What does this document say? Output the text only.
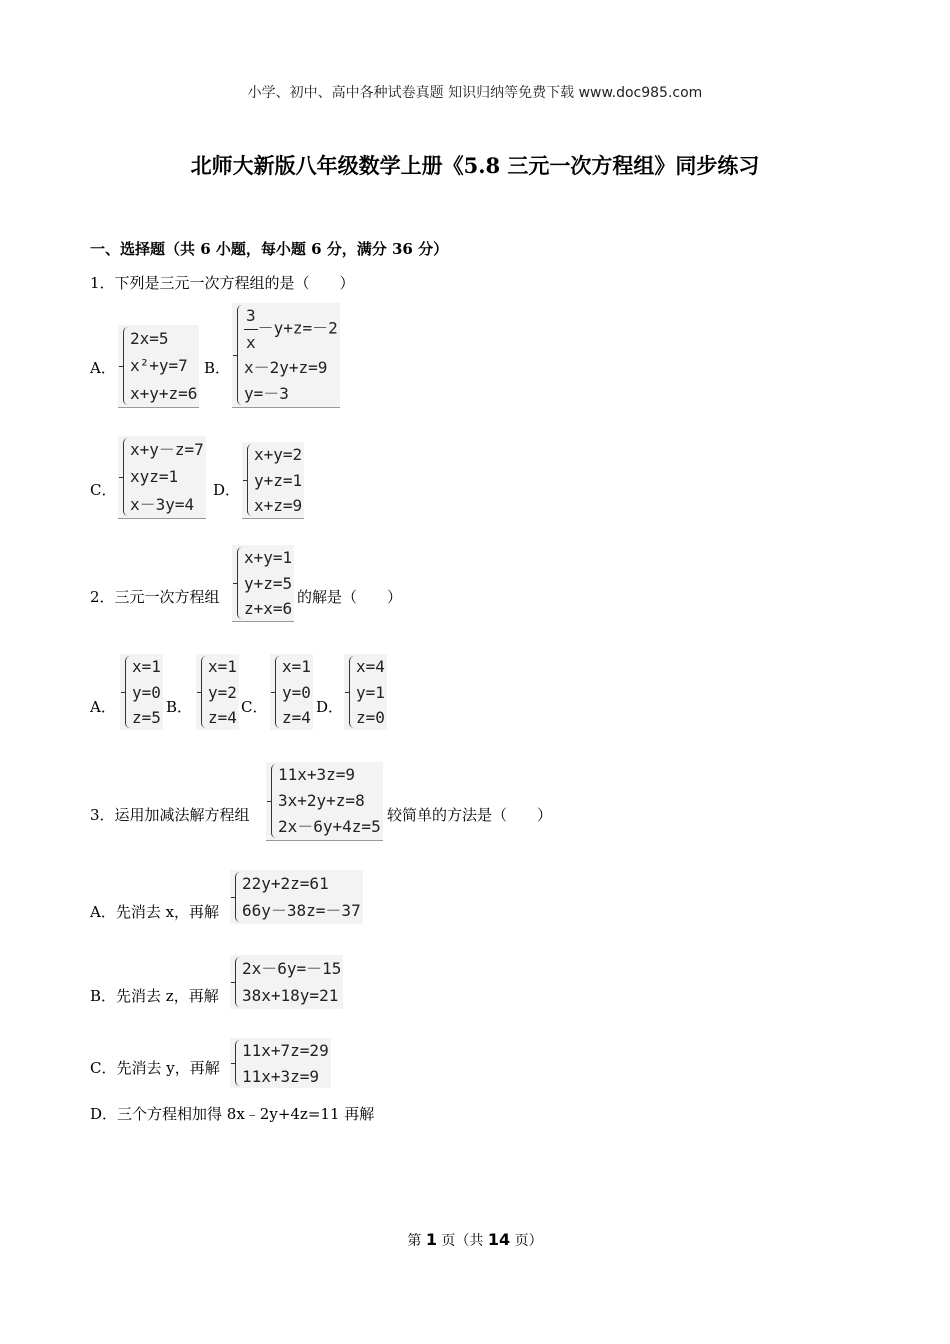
小学、初中、高中各种试卷真题 知识归纳等免费下载 www.doc985.com
北师大新版八年级数学上册《5.8 三元一次方程组》同步练习
一、选择题（共 6 小题，每小题 6 分，满分 36 分）
1．下列是三元一次方程组的是（　　）
A．
2x=5
x²+y=7
x+y+z=6
B．
$\frac{3}{x} -y+z=-2$
x－2y+z=9
y=－3
C．
x+y－z=7
xyz=1
x－3y=4
D．
x+y=2
y+z=1
x+z=9
2．三元一次方程组
x+y=1
y+z=5
z+x=6
的解是（　　）
A．
x=1
y=0
z=5
B．
x=1
y=2
z=4
C．
x=1
y=0
z=4
D．
x=4
y=1
z=0
3．运用加减法解方程组
11x+3z=9
3x+2y+z=8
2x－6y+4z=5
较简单的方法是（　　）
A．先消去 x，再解
22y+2z=61
66y－38z=－37
B．先消去 z，再解
2x－6y=－15
38x+18y=21
C．先消去 y，再解
11x+7z=29
11x+3z=9
D．三个方程相加得 8x﹣2y+4z=11 再解
第 1 页（共 14 页）
